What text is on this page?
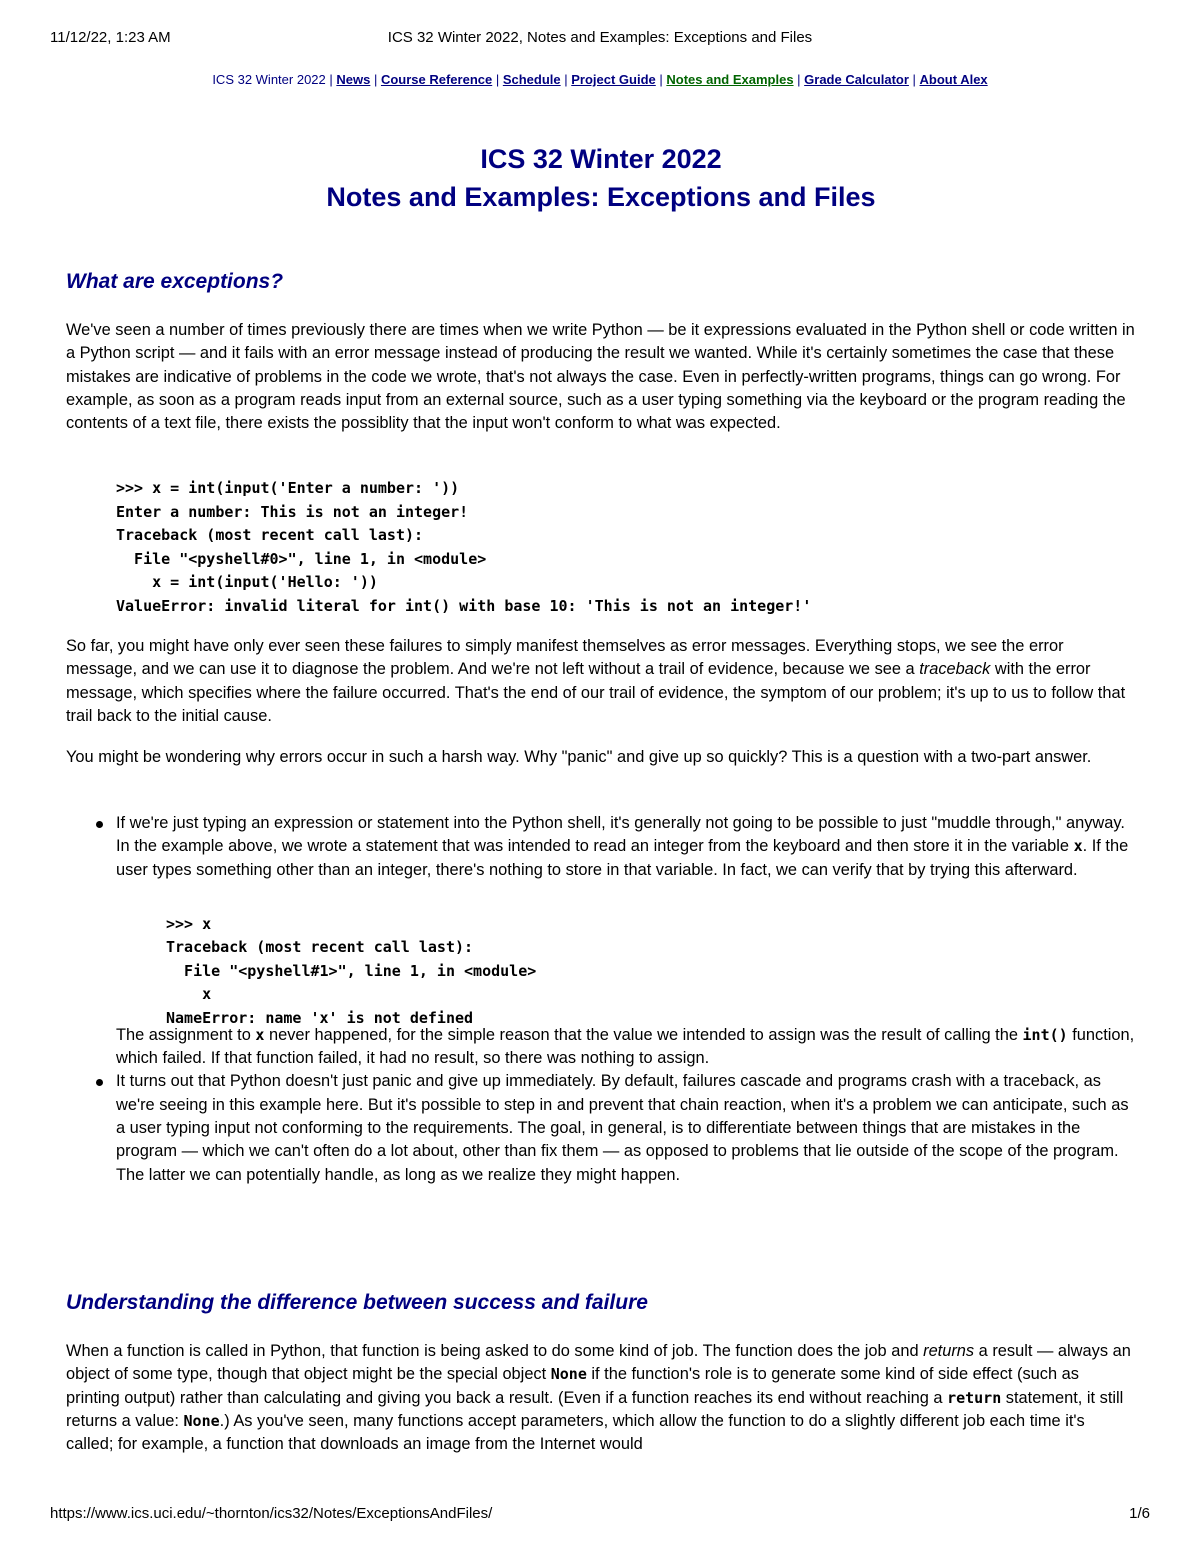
11/12/22, 1:23 AM	ICS 32 Winter 2022, Notes and Examples: Exceptions and Files
ICS 32 Winter 2022 | News | Course Reference | Schedule | Project Guide | Notes and Examples | Grade Calculator | About Alex
ICS 32 Winter 2022
Notes and Examples: Exceptions and Files
What are exceptions?

We've seen a number of times previously there are times when we write Python — be it expressions evaluated in the Python shell or code written in a Python script — and it fails with an error message instead of producing the result we wanted. While it's certainly sometimes the case that these mistakes are indicative of problems in the code we wrote, that's not always the case. Even in perfectly-written programs, things can go wrong. For example, as soon as a program reads input from an external source, such as a user typing something via the keyboard or the program reading the contents of a text file, there exists the possiblity that the input won't conform to what was expected.

>>> x = int(input('Enter a number: '))
Enter a number: This is not an integer!
Traceback (most recent call last):
File "<pyshell#0>", line 1, in <module>
x = int(input('Hello: '))
ValueError: invalid literal for int() with base 10: 'This is not an integer!'

So far, you might have only ever seen these failures to simply manifest themselves as error messages. Everything stops, we see the error message, and we can use it to diagnose the problem. And we're not left without a trail of evidence, because we see a traceback with the error message, which specifies where the failure occurred. That's the end of our trail of evidence, the symptom of our problem; it's up to us to follow that trail back to the initial cause.

You might be wondering why errors occur in such a harsh way. Why "panic" and give up so quickly? This is a question with a two-part answer.

If we're just typing an expression or statement into the Python shell, it's generally not going to be possible to just "muddle through," anyway. In the example above, we wrote a statement that was intended to read an integer from the keyboard and then store it in the variable x. If the user types something other than an integer, there's nothing to store in that variable. In fact, we can verify that by trying this afterward.
>>> x
Traceback (most recent call last):
File "<pyshell#1>", line 1, in <module>
x
NameError: name 'x' is not defined
The assignment to x never happened, for the simple reason that the value we intended to assign was the result of calling the int() function, which failed. If that function failed, it had no result, so there was nothing to assign.
It turns out that Python doesn't just panic and give up immediately. By default, failures cascade and programs crash with a traceback, as we're seeing in this example here. But it's possible to step in and prevent that chain reaction, when it's a problem we can anticipate, such as a user typing input not conforming to the requirements. The goal, in general, is to differentiate between things that are mistakes in the program — which we can't often do a lot about, other than fix them — as opposed to problems that lie outside of the scope of the program. The latter we can potentially handle, as long as we realize they might happen.
Understanding the difference between success and failure

When a function is called in Python, that function is being asked to do some kind of job. The function does the job and returns a result — always an object of some type, though that object might be the special object None if the function's role is to generate some kind of side effect (such as printing output) rather than calculating and giving you back a result. (Even if a function reaches its end without reaching a return statement, it still returns a value: None.) As you've seen, many functions accept parameters, which allow the function to do a slightly different job each time it's called; for example, a function that downloads an image from the Internet would

https://www.ics.uci.edu/~thornton/ics32/Notes/ExceptionsAndFiles/	1/6
